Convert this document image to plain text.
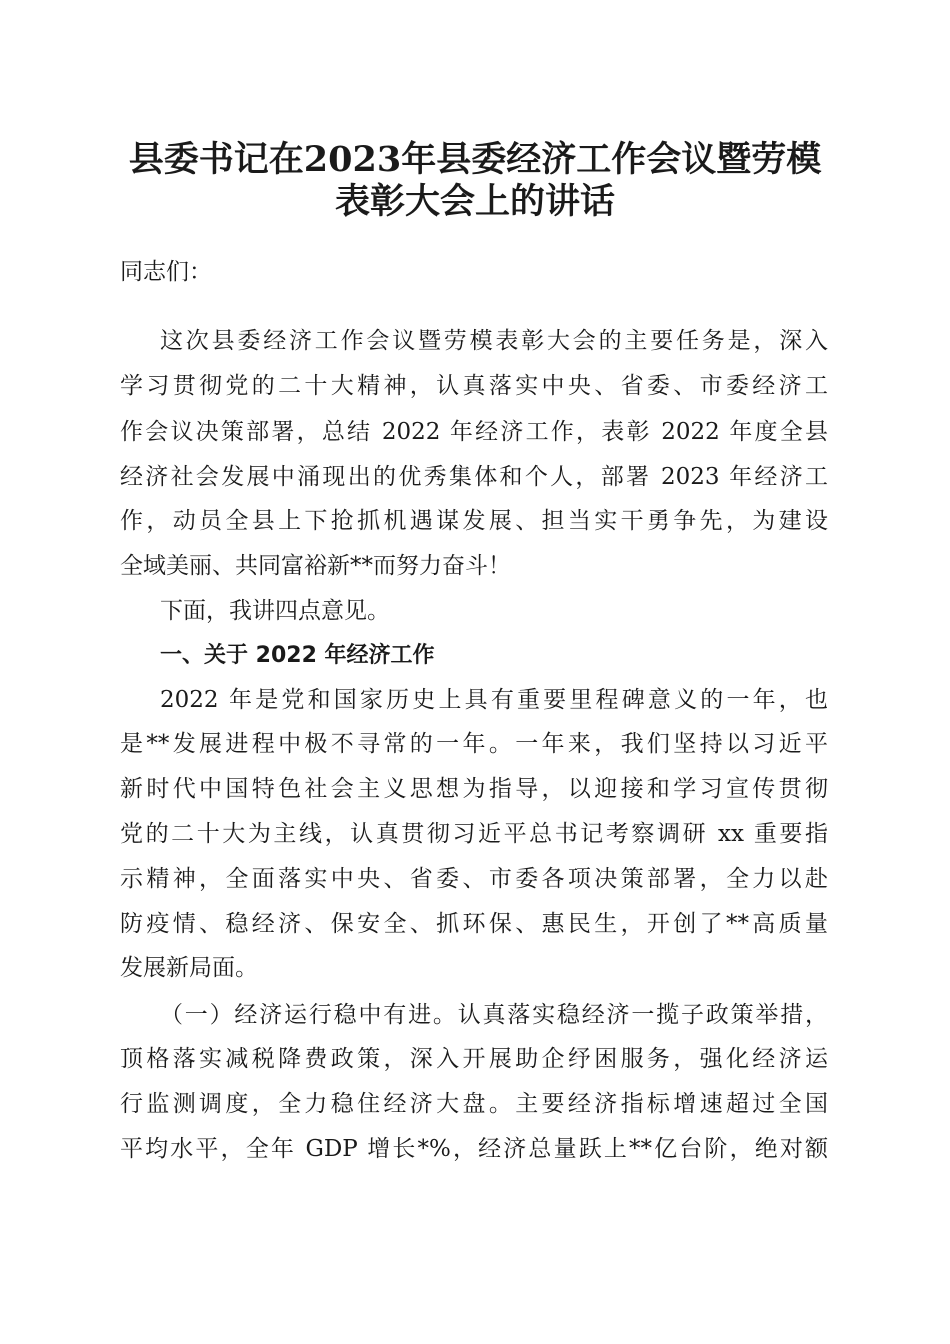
县委书记在2023年县委经济工作会议暨劳模
表彰大会上的讲话

同志们：

这次县委经济工作会议暨劳模表彰大会的主要任务是，深入

学习贯彻党的二十大精神，认真落实中央、省委、市委经济工

作会议决策部署，总结 2022 年经济工作，表彰 2022 年度全县

经济社会发展中涌现出的优秀集体和个人，部署 2023 年经济工

作，动员全县上下抢抓机遇谋发展、担当实干勇争先，为建设

全域美丽、共同富裕新**而努力奋斗！

下面，我讲四点意见。

一、关于 2022 年经济工作

2022 年是党和国家历史上具有重要里程碑意义的一年，也

是**发展进程中极不寻常的一年。一年来，我们坚持以习近平

新时代中国特色社会主义思想为指导，以迎接和学习宣传贯彻

党的二十大为主线，认真贯彻习近平总书记考察调研 xx 重要指

示精神，全面落实中央、省委、市委各项决策部署，全力以赴

防疫情、稳经济、保安全、抓环保、惠民生，开创了**高质量

发展新局面。

（一）经济运行稳中有进。认真落实稳经济一揽子政策举措，

顶格落实减税降费政策，深入开展助企纾困服务，强化经济运

行监测调度，全力稳住经济大盘。主要经济指标增速超过全国

平均水平，全年 GDP 增长*%，经济总量跃上**亿台阶，绝对额
